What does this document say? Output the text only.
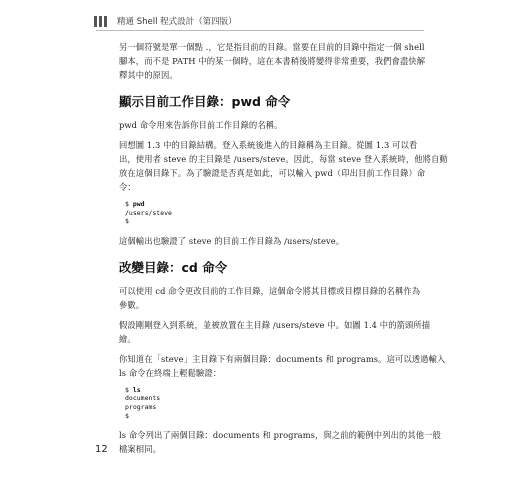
精通 Shell 程式設計（第四版）

另一個符號是單一個點 .，它是指目前的目錄。當要在目前的目錄中指定一個 shell
腳本，而不是 PATH 中的某一個時，這在本書稍後將變得非常重要，我們會盡快解
釋其中的原因。

顯示目前工作目錄：pwd 命令

pwd 命令用來告訴你目前工作目錄的名稱。

回想圖 1.3 中的目錄結構。登入系統後進入的目錄稱為主目錄。從圖 1.3 可以看
出，使用者 steve 的主目錄是 /users/steve。因此，每當 steve 登入系統時，他將自動
放在這個目錄下。為了驗證是否真是如此，可以輸入 pwd（印出目前工作目錄）命
令：

$ pwd
/users/steve
$

這個輸出也驗證了 steve 的目前工作目錄為 /users/steve。

改變目錄：cd 命令

可以使用 cd 命令更改目前的工作目錄，這個命令將其目標或目標目錄的名稱作為
參數。

假設剛剛登入到系統，並被放置在主目錄 /users/steve 中。如圖 1.4 中的箭頭所描
繪。

你知道在「steve」主目錄下有兩個目錄：documents 和 programs。這可以透過輸入
ls 命令在終端上輕鬆驗證：

$ ls
documents
programs
$

ls 命令列出了兩個目錄：documents 和 programs，與之前的範例中列出的其他一般
檔案相同。

12
